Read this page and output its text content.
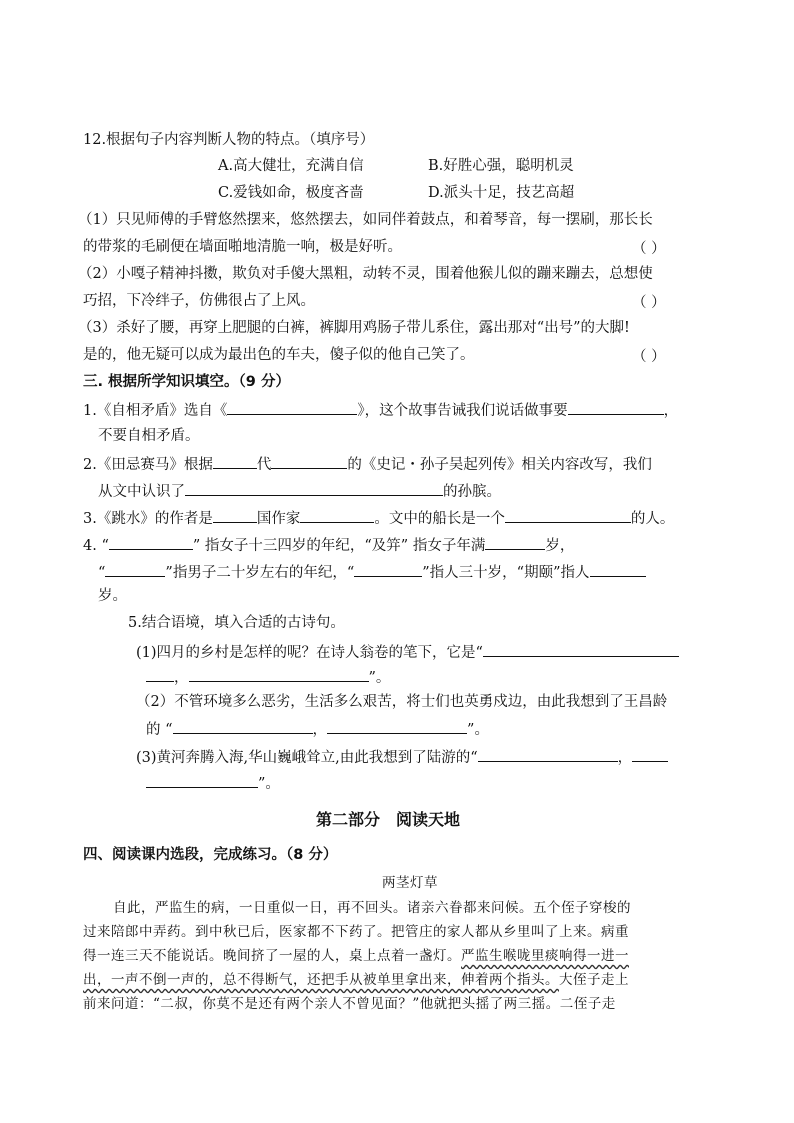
12.根据句子内容判断人物的特点。（填序号）
A.高大健壮，充满自信	B.好胜心强，聪明机灵
C.爱钱如命，极度吝啬	D.派头十足，技艺高超
（1）只见师傅的手臂悠然摆来，悠然摆去，如同伴着鼓点，和着琴音，每一摆刷，那长长
的带浆的毛刷便在墙面啪地清脆一响，极是好听。	（ ）
（2）小嘎子精神抖擞，欺负对手傻大黑粗，动转不灵，围着他猴儿似的蹦来蹦去，总想使
巧招，下冷绊子，仿佛很占了上风。	（ ）
（3）杀好了腰，再穿上肥腿的白裤，裤脚用鸡肠子带儿系住，露出那对“出号”的大脚!
是的，他无疑可以成为最出色的车夫，傻子似的他自己笑了。	（ ）
三. 根据所学知识填空。（9 分）
1.《自相矛盾》选自《	》，这个故事告诫我们说话做事要	，
不要自相矛盾。
2.《田忌赛马》根据	代	的《史记・孙子吴起列传》相关内容改写，我们
从文中认识了	的孙膑。
3.《跳水》的作者是	国作家	。文中的船长是一个	的人。
4. “	” 指女子十三四岁的年纪，“及笄” 指女子年满	岁，
“	”指男子二十岁左右的年纪，“	”指人三十岁，“期颐”指人
岁。
5.结合语境，填入合适的古诗句。
(1)四月的乡村是怎样的呢？在诗人翁卷的笔下，它是“
，	”。
（2）不管环境多么恶劣，生活多么艰苦，将士们也英勇戍边，由此我想到了王昌龄
的 “	，	”。
(3)黄河奔腾入海,华山巍峨耸立,由此我想到了陆游的“	，
”。
第二部分　阅读天地
四、阅读课内选段，完成练习。（8 分）
两茎灯草
自此，严监生的病，一日重似一日，再不回头。诸亲六眷都来问候。五个侄子穿梭的
过来陪郎中弄药。到中秋已后，医家都不下药了。把管庄的家人都从乡里叫了上来。病重
得一连三天不能说话。晚间挤了一屋的人，桌上点着一盏灯。严监生喉咙里痰响得一进一
出，一声不倒一声的，总不得断气，还把手从被单里拿出来，伸着两个指头。大侄子走上
前来问道：“二叔，你莫不是还有两个亲人不曾见面？”他就把头摇了两三摇。二侄子走
